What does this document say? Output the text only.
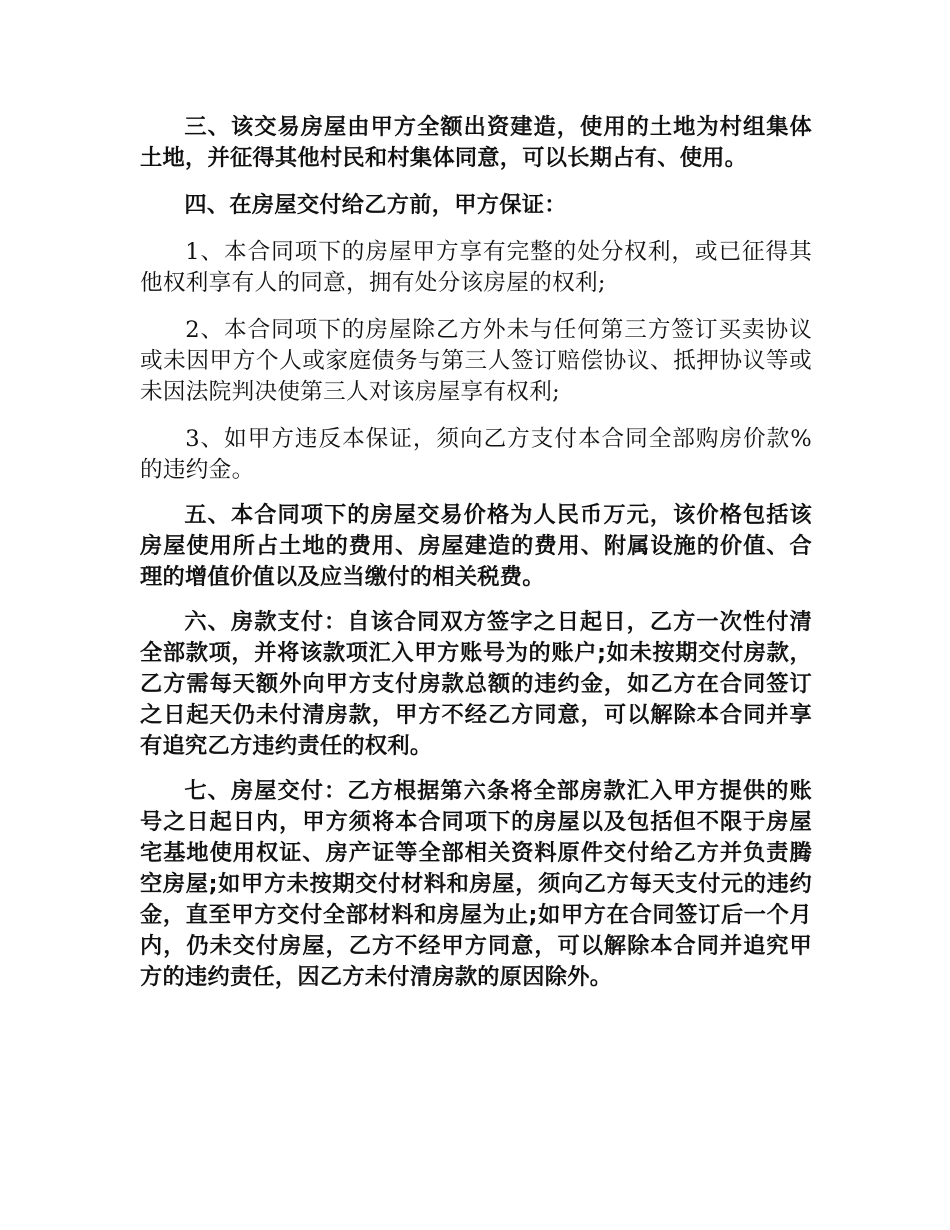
三、该交易房屋由甲方全额出资建造，使用的土地为村组集体土地，并征得其他村民和村集体同意，可以长期占有、使用。

四、在房屋交付给乙方前，甲方保证：

1、本合同项下的房屋甲方享有完整的处分权利，或已征得其他权利享有人的同意，拥有处分该房屋的权利;

2、本合同项下的房屋除乙方外未与任何第三方签订买卖协议或未因甲方个人或家庭债务与第三人签订赔偿协议、抵押协议等或未因法院判决使第三人对该房屋享有权利;

3、如甲方违反本保证，须向乙方支付本合同全部购房价款%的违约金。

五、本合同项下的房屋交易价格为人民币万元，该价格包括该房屋使用所占土地的费用、房屋建造的费用、附属设施的价值、合理的增值价值以及应当缴付的相关税费。

六、房款支付：自该合同双方签字之日起日，乙方一次性付清全部款项，并将该款项汇入甲方账号为的账户;如未按期交付房款，乙方需每天额外向甲方支付房款总额的违约金，如乙方在合同签订之日起天仍未付清房款，甲方不经乙方同意，可以解除本合同并享有追究乙方违约责任的权利。

七、房屋交付：乙方根据第六条将全部房款汇入甲方提供的账号之日起日内，甲方须将本合同项下的房屋以及包括但不限于房屋宅基地使用权证、房产证等全部相关资料原件交付给乙方并负责腾空房屋;如甲方未按期交付材料和房屋，须向乙方每天支付元的违约金，直至甲方交付全部材料和房屋为止;如甲方在合同签订后一个月内，仍未交付房屋，乙方不经甲方同意，可以解除本合同并追究甲方的违约责任，因乙方未付清房款的原因除外。
